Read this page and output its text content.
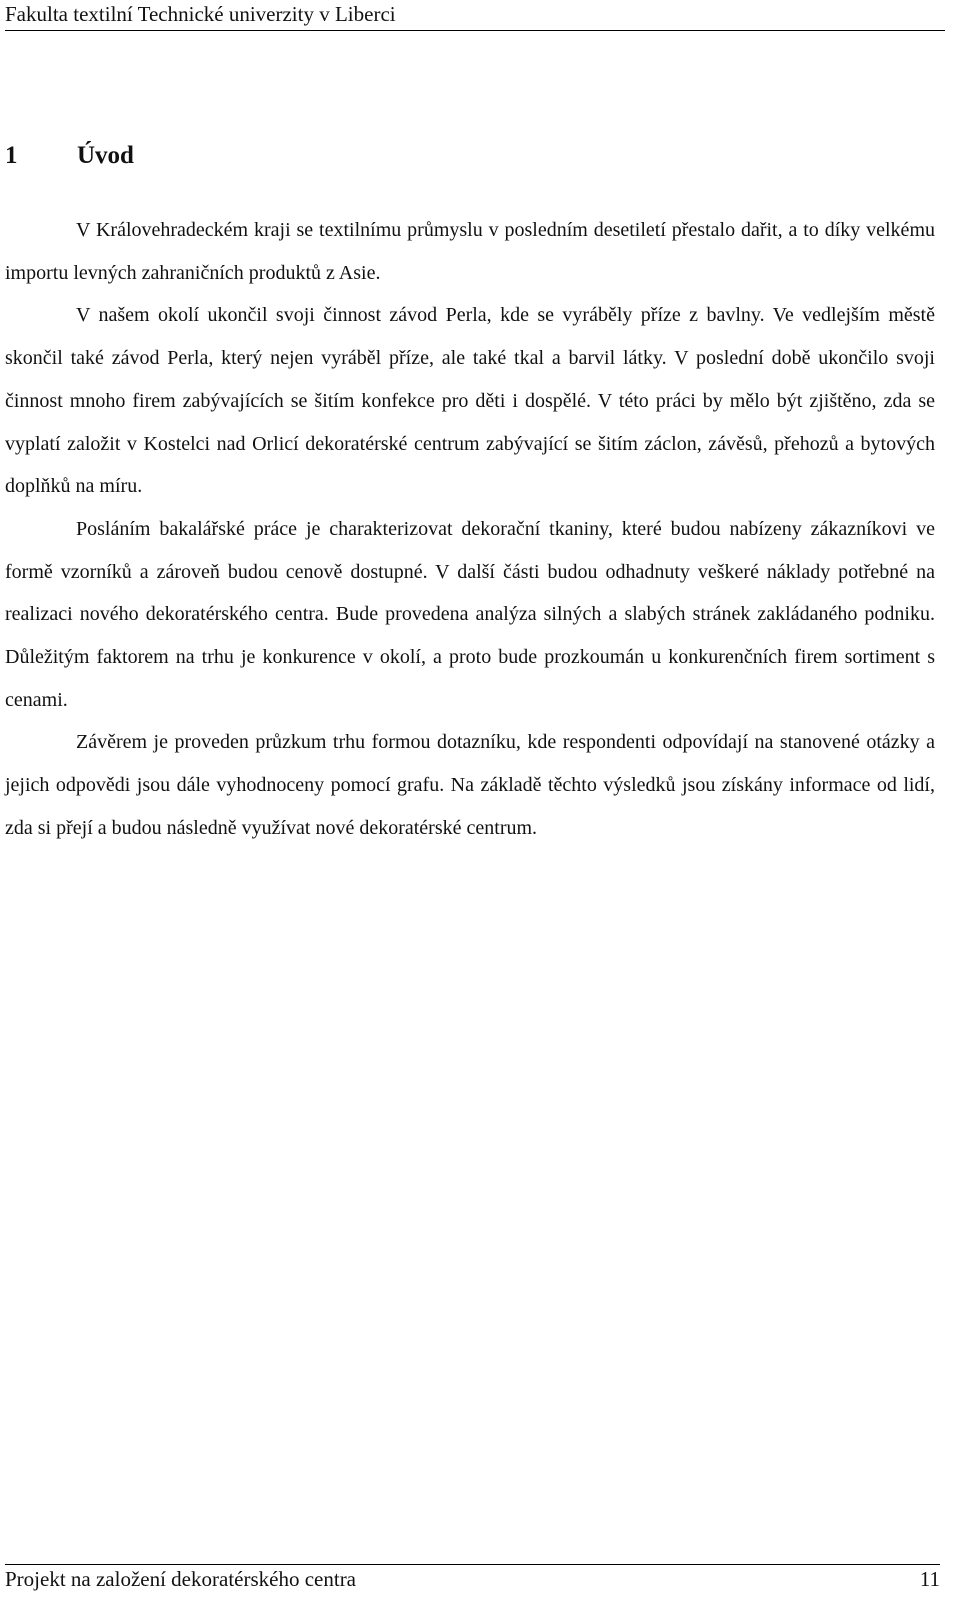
Fakulta textilní Technické univerzity v Liberci
1 Úvod

V Královehradeckém kraji se textilnímu průmyslu v posledním desetiletí přestalo dařit, a to díky velkému importu levných zahraničních produktů z Asie.

V našem okolí ukončil svoji činnost závod Perla, kde se vyráběly příze z bavlny. Ve vedlejším městě skončil také závod Perla, který nejen vyráběl příze, ale také tkal a barvil látky. V poslední době ukončilo svoji činnost mnoho firem zabývajících se šitím konfekce pro děti i dospělé. V této práci by mělo být zjištěno, zda se vyplatí založit v Kostelci nad Orlicí dekoratérské centrum zabývající se šitím záclon, závěsů, přehozů a bytových doplňků na míru.

Posláním bakalářské práce je charakterizovat dekorační tkaniny, které budou nabízeny zákazníkovi ve formě vzorníků a zároveň budou cenově dostupné. V další části budou odhadnuty veškeré náklady potřebné na realizaci nového dekoratérského centra. Bude provedena analýza silných a slabých stránek zakládaného podniku. Důležitým faktorem na trhu je konkurence v okolí, a proto bude prozkoumán u konkurenčních firem sortiment s cenami.

Závěrem je proveden průzkum trhu formou dotazníku, kde respondenti odpovídají na stanovené otázky a jejich odpovědi jsou dále vyhodnoceny pomocí grafu. Na základě těchto výsledků jsou získány informace od lidí, zda si přejí a budou následně využívat nové dekoratérské centrum.

Projekt na založení dekoratérského centra	11
